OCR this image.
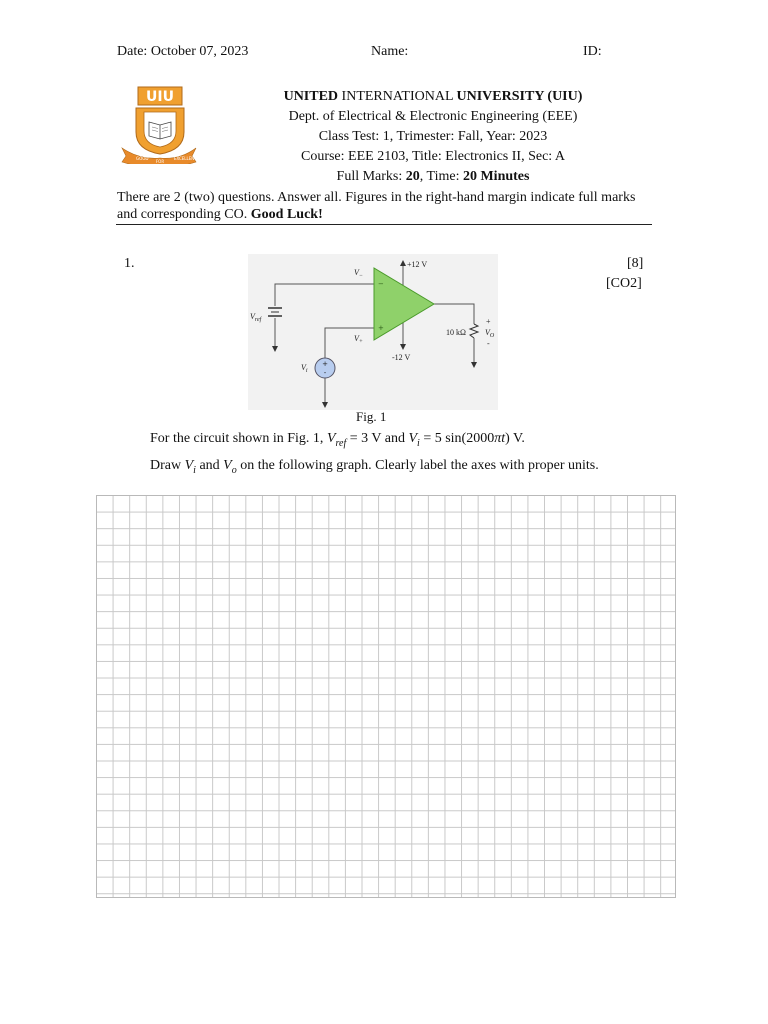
Date: October 07, 2023	Name:	ID:
UIU
GOOD
FOR
EXCELLENCE
UNITED INTERNATIONAL UNIVERSITY (UIU)
Dept. of Electrical & Electronic Engineering (EEE)
Class Test: 1, Trimester: Fall, Year: 2023
Course: EEE 2103, Title: Electronics II, Sec: A
Full Marks: 20, Time: 20 Minutes
There are 2 (two) questions. Answer all. Figures in the right-hand margin indicate full marks
and corresponding CO. Good Luck!
1.	[8]
[CO2]
−
+
+
-
+12 V
-12 V
$V_-$
$V_+$
$V_{ref}$
$V_i$
10 kΩ $V_O$
+
-
Fig. 1
For the circuit shown in Fig. 1, $V_{ref} = 3$ V and $V_i = 5$ sin(2000πt) V.
Draw $V_i$ and $V_o$ on the following graph. Clearly label the axes with proper units.
